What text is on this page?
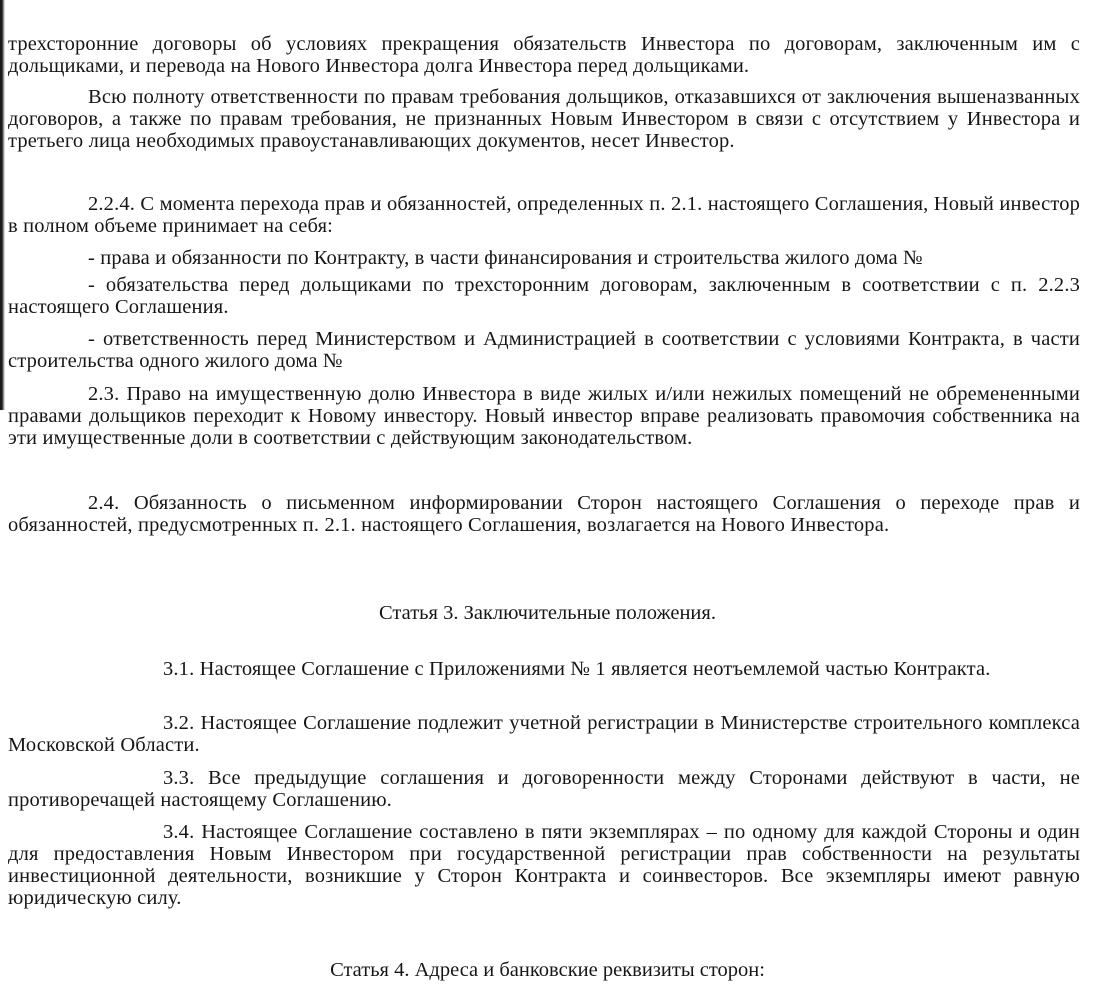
трехсторонние договоры об условиях прекращения обязательств Инвестора по договорам, заключенным им с дольщиками, и перевода на Нового Инвестора долга Инвестора перед дольщиками.

Всю полноту ответственности по правам требования дольщиков, отказавшихся от заключения вышеназванных договоров, а также по правам требования, не признанных Новым Инвестором в связи с отсутствием у Инвестора и третьего лица необходимых правоустанавливающих документов, несет Инвестор.

2.2.4. С момента перехода прав и обязанностей, определенных п. 2.1. настоящего Соглашения, Новый инвестор в полном объеме принимает на себя:

- права и обязанности по Контракту, в части финансирования и строительства жилого дома №

- обязательства перед дольщиками по трехсторонним договорам, заключенным в соответствии с п. 2.2.3 настоящего Соглашения.

- ответственность перед Министерством и Администрацией в соответствии с условиями Контракта, в части строительства одного жилого дома №

2.3. Право на имущественную долю Инвестора в виде жилых и/или нежилых помещений не обремененными правами дольщиков переходит к Новому инвестору. Новый инвестор вправе реализовать правомочия собственника на эти имущественные доли в соответствии с действующим законодательством.

2.4. Обязанность о письменном информировании Сторон настоящего Соглашения о переходе прав и обязанностей, предусмотренных п. 2.1. настоящего Соглашения, возлагается на Нового Инвестора.

Статья 3. Заключительные положения.

3.1. Настоящее Соглашение с Приложениями № 1 является неотъемлемой частью Контракта.

3.2. Настоящее Соглашение подлежит учетной регистрации в Министерстве строительного комплекса Московской Области.

3.3. Все предыдущие соглашения и договоренности между Сторонами действуют в части, не противоречащей настоящему Соглашению.

3.4. Настоящее Соглашение составлено в пяти экземплярах – по одному для каждой Стороны и один для предоставления Новым Инвестором при государственной регистрации прав собственности на результаты инвестиционной деятельности, возникшие у Сторон Контракта и соинвесторов. Все экземпляры имеют равную юридическую силу.

Статья 4. Адреса и банковские реквизиты сторон:
